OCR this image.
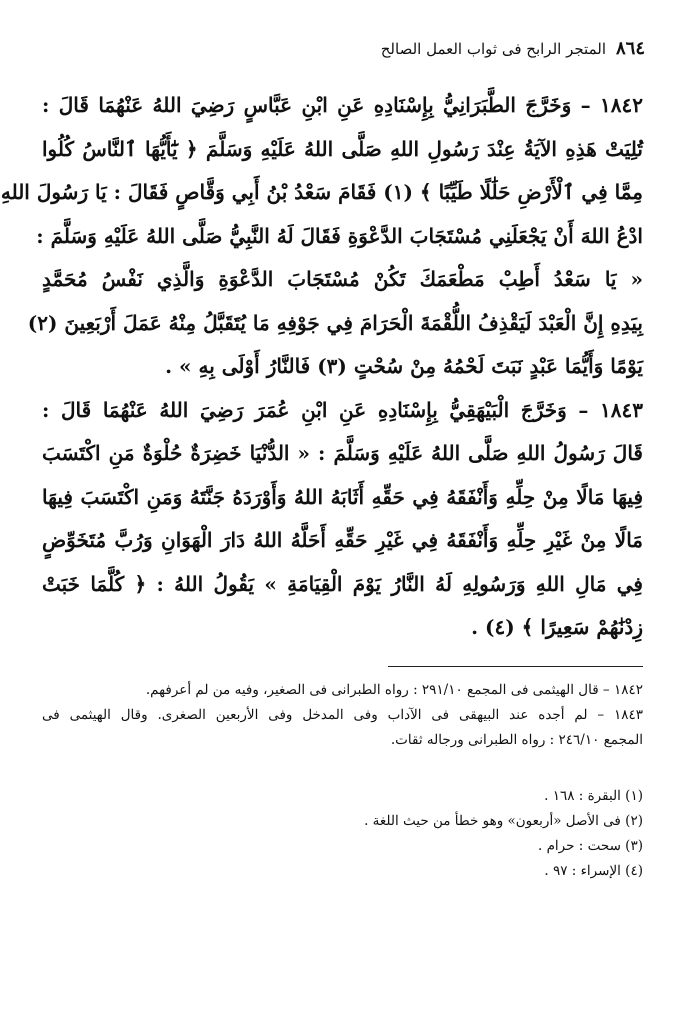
٨٦٤
المتجر الرابح فى ثواب العمل الصالح
١٨٤٢ – وَخَرَّجَ الطَّبَرَانِيُّ بِإِسْنَادِهِ عَنِ ابْنِ عَبَّاسٍ رَضِيَ اللهُ عَنْهُمَا قَالَ :
تُلِيَتْ هَذِهِ الآيَةُ عِنْدَ رَسُولِ اللهِ صَلَّى اللهُ عَلَيْهِ وَسَلَّمَ ﴿ يَٰٓأَيُّهَا ٱلنَّاسُ كُلُوا
مِمَّا فِي ٱلْأَرْضِ حَلَٰلًا طَيِّبًا ﴾ (١) فَقَامَ سَعْدُ بْنُ أَبِي وَقَّاصٍ فَقَالَ : يَا رَسُولَ اللهِ
ادْعُ اللهَ أَنْ يَجْعَلَنِي مُسْتَجَابَ الدَّعْوَةِ فَقَالَ لَهُ النَّبِيُّ صَلَّى اللهُ عَلَيْهِ وَسَلَّمَ :
« يَا سَعْدُ أَطِبْ مَطْعَمَكَ تَكُنْ مُسْتَجَابَ الدَّعْوَةِ وَالَّذِي نَفْسُ مُحَمَّدٍ
بِيَدِهِ إِنَّ الْعَبْدَ لَيَقْذِفُ اللُّقْمَةَ الْحَرَامَ فِي جَوْفِهِ مَا يُتَقَبَّلُ مِنْهُ عَمَلَ أَرْبَعِينَ (٢)
يَوْمًا وَأَيُّمَا عَبْدٍ نَبَتَ لَحْمُهُ مِنْ سُحْتٍ (٣) فَالنَّارُ أَوْلَى بِهِ » .
١٨٤٣ – وَخَرَّجَ الْبَيْهَقِيُّ بِإِسْنَادِهِ عَنِ ابْنِ عُمَرَ رَضِيَ اللهُ عَنْهُمَا قَالَ :
قَالَ رَسُولُ اللهِ صَلَّى اللهُ عَلَيْهِ وَسَلَّمَ : « الدُّنْيَا خَضِرَةٌ حُلْوَةٌ مَنِ اكْتَسَبَ
فِيهَا مَالًا مِنْ حِلِّهِ وَأَنْفَقَهُ فِي حَقِّهِ أَثَابَهُ اللهُ وَأَوْرَدَهُ جَنَّتَهُ وَمَنِ اكْتَسَبَ فِيهَا
مَالًا مِنْ غَيْرِ حِلِّهِ وَأَنْفَقَهُ فِي غَيْرِ حَقِّهِ أَحَلَّهُ اللهُ دَارَ الْهَوَانِ وَرُبَّ مُتَخَوِّضٍ
فِي مَالِ اللهِ وَرَسُولِهِ لَهُ النَّارُ يَوْمَ الْقِيَامَةِ » يَقُولُ اللهُ : ﴿ كُلَّمَا خَبَتْ
زِدْنَٰهُمْ سَعِيرًا ﴾ (٤) .
١٨٤٢ – قال الهيثمى فى المجمع ٢٩١/١٠ : رواه الطبرانى فى الصغير، وفيه من لم أعرفهم.
١٨٤٣ – لم أجده عند البيهقى فى الآداب وفى المدخل وفى الأربعين الصغرى. وقال الهيثمى فى
المجمع ٢٤٦/١٠ : رواه الطبرانى ورجاله ثقات.
(١) البقرة : ١٦٨ .
(٢) فى الأصل «أربعون» وهو خطأ من حيث اللغة .
(٣) سحت : حرام .
(٤) الإسراء : ٩٧ .
